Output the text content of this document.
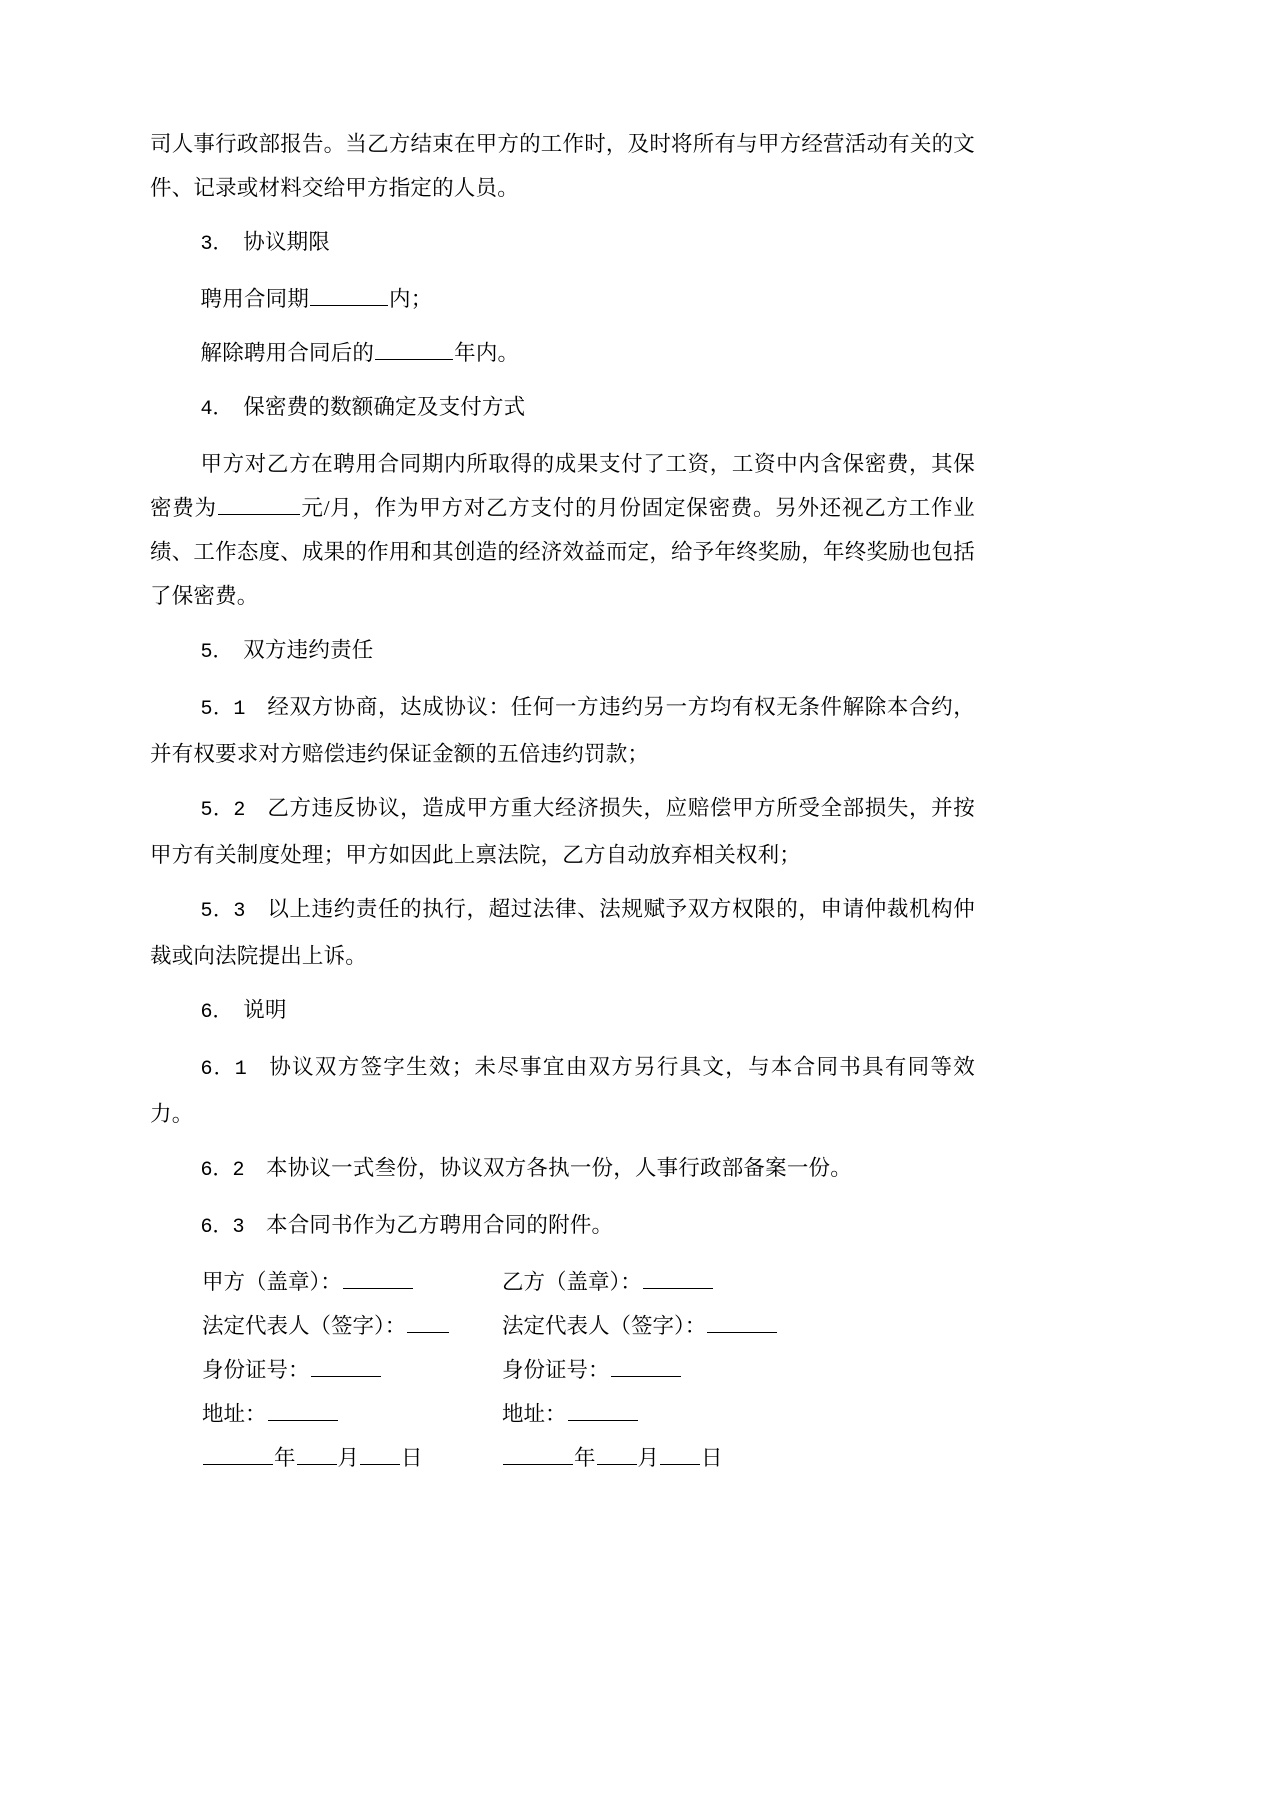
司人事行政部报告。当乙方结束在甲方的工作时，及时将所有与甲方经营活动有关的文件、记录或材料交给甲方指定的人员。

3． 协议期限

聘用合同期	内；

解除聘用合同后的	年内。

4． 保密费的数额确定及支付方式

甲方对乙方在聘用合同期内所取得的成果支付了工资，工资中内含保密费，其保密费为	元/月，作为甲方对乙方支付的月份固定保密费。另外还视乙方工作业绩、工作态度、成果的作用和其创造的经济效益而定，给予年终奖励，年终奖励也包括了保密费。

5． 双方违约责任

5．1 经双方协商，达成协议：任何一方违约另一方均有权无条件解除本合约，并有权要求对方赔偿违约保证金额的五倍违约罚款；

5．2 乙方违反协议，造成甲方重大经济损失，应赔偿甲方所受全部损失，并按甲方有关制度处理；甲方如因此上禀法院，乙方自动放弃相关权利；

5．3 以上违约责任的执行，超过法律、法规赋予双方权限的，申请仲裁机构仲裁或向法院提出上诉。

6． 说明

6．1 协议双方签字生效；未尽事宜由双方另行具文，与本合同书具有同等效力。

6．2 本协议一式叁份，协议双方各执一份，人事行政部备案一份。

6．3 本合同书作为乙方聘用合同的附件。

甲方（盖章）：	乙方（盖章）：
法定代表人（签字）：	法定代表人（签字）：
身份证号：	身份证号：
地址：	地址：
年 月 日	年 月 日
